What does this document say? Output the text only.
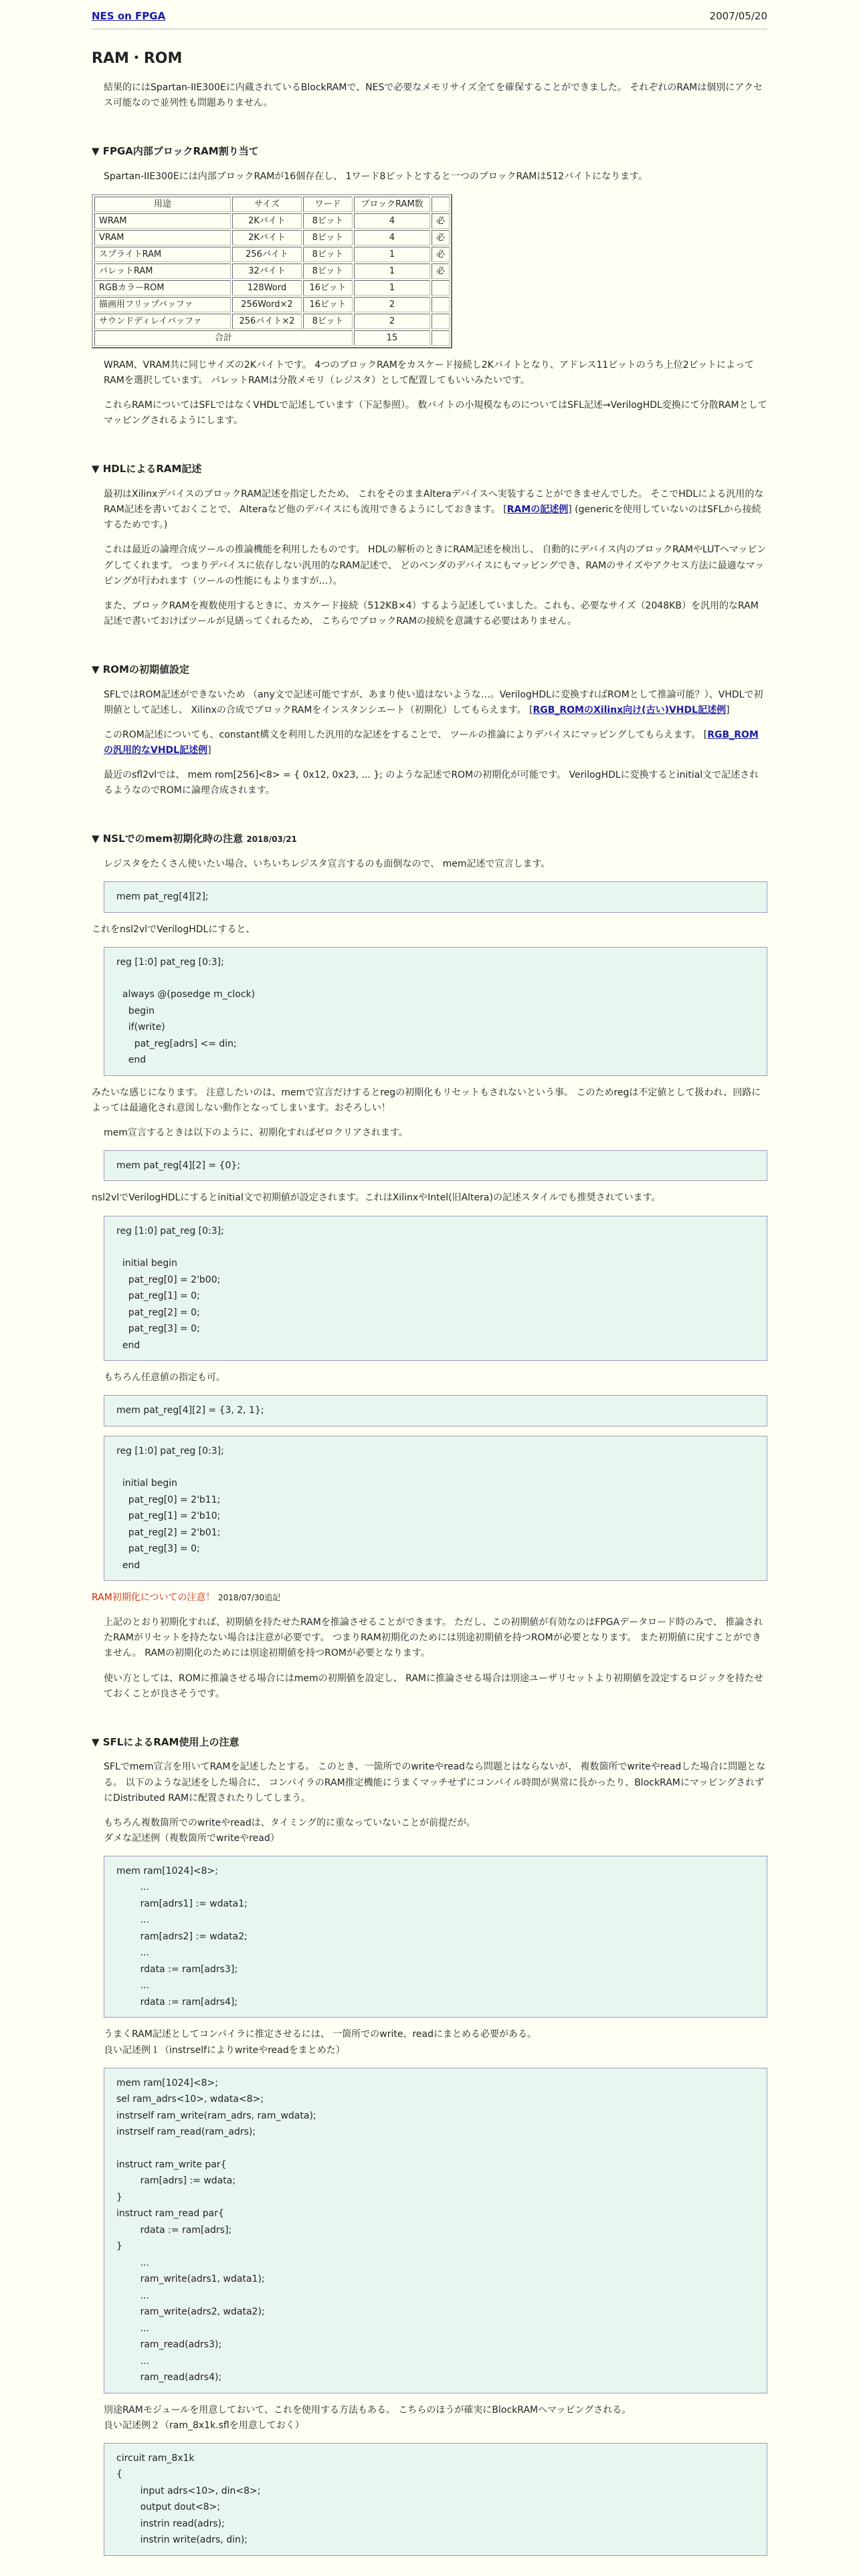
NES on FPGA	2007/05/20
RAM・ROM

結果的にはSpartan-IIE300Eに内蔵されているBlockRAMで、NESで必要なメモリサイズ全てを確保することができました。 それぞれのRAMは個別にアクセス可能なので並列性も問題ありません。

▼ FPGA内部ブロックRAM割り当て

Spartan-IIE300Eには内部ブロックRAMが16個存在し、 1ワード8ビットとすると一つのブロックRAMは512バイトになります。

用途	サイズ	ワード	ブロックRAM数	
WRAM	2Kバイト	8ビット	4	必
VRAM	2Kバイト	8ビット	4	必
スプライトRAM	256バイト	8ビット	1	必
パレットRAM	32バイト	8ビット	1	必
RGBカラーROM	128Word	16ビット	1	
描画用フリップバッファ	256Word×2	16ビット	2	
サウンドディレイバッファ	256バイト×2	8ビット	2	
合計			15	

WRAM、VRAM共に同じサイズの2Kバイトです。 4つのブロックRAMをカスケード接続し2Kバイトとなり、アドレス11ビットのうち上位2ビットによってRAMを選択しています。 パレットRAMは分散メモリ（レジスタ）として配置してもいいみたいです。

これらRAMについてはSFLではなくVHDLで記述しています（下記参照）。 数バイトの小規模なものについてはSFL記述→VerilogHDL変換にて分散RAMとしてマッピングされるようにします。

▼ HDLによるRAM記述

最初はXilinxデバイスのブロックRAM記述を指定したため、 これをそのままAlteraデバイスへ実装することができませんでした。 そこでHDLによる汎用的なRAM記述を書いておくことで、 Alteraなど他のデバイスにも流用できるようにしておきます。 [RAMの記述例] (genericを使用していないのはSFLから接続するためです。)

これは最近の論理合成ツールの推論機能を利用したものです。 HDLの解析のときにRAM記述を検出し、 自動的にデバイス内のブロックRAMやLUTへマッピングしてくれます。 つまりデバイスに依存しない汎用的なRAM記述で、 どのベンダのデバイスにもマッピングでき、RAMのサイズやアクセス方法に最適なマッピングが行われます（ツールの性能にもよりますが…）。

また、ブロックRAMを複数使用するときに、カスケード接続（512KB×4）するよう記述していました。これも、必要なサイズ（2048KB）を汎用的なRAM記述で書いておけばツールが見繕ってくれるため、 こちらでブロックRAMの接続を意識する必要はありません。

▼ ROMの初期値設定

SFLではROM記述ができないため （any文で記述可能ですが、あまり使い道はないような…。VerilogHDLに変換すればROMとして推論可能？）、VHDLで初期値として記述し、 Xilinxの合成でブロックRAMをインスタンシエート（初期化）してもらえます。 [RGB_ROMのXilinx向け(古い)VHDL記述例]

このROM記述についても、constant構文を利用した汎用的な記述をすることで、 ツールの推論によりデバイスにマッピングしてもらえます。 [RGB_ROMの汎用的なVHDL記述例]

最近のsfl2vlでは、 mem rom[256]<8> = { 0x12, 0x23, ... }; のような記述でROMの初期化が可能です。 VerilogHDLに変換するとinitial文で記述されるようなのでROMに論理合成されます。

▼ NSLでのmem初期化時の注意 2018/03/21

レジスタをたくさん使いたい場合、いちいちレジスタ宣言するのも面倒なので、 mem記述で宣言します。

mem pat_reg[4][2];

これをnsl2vlでVerilogHDLにすると、

reg [1:0] pat_reg [0:3];
always @(posedge m_clock)
begin
if(write)
pat_reg[adrs] <= din;
end

みたいな感じになります。 注意したいのは、memで宣言だけするとregの初期化もリセットもされないという事。 このためregは不定値として扱われ、回路によっては最適化され意図しない動作となってしまいます。おそろしい！

mem宣言するときは以下のように、初期化すればゼロクリアされます。

mem pat_reg[4][2] = {0};

nsl2vlでVerilogHDLにするとinitial文で初期値が設定されます。これはXilinxやIntel(旧Altera)の記述スタイルでも推奨されています。

reg [1:0] pat_reg [0:3];
initial begin
pat_reg[0] = 2'b00;
pat_reg[1] = 0;
pat_reg[2] = 0;
pat_reg[3] = 0;
end

もちろん任意値の指定も可。

mem pat_reg[4][2] = {3, 2, 1};
reg [1:0] pat_reg [0:3];
initial begin
pat_reg[0] = 2'b11;
pat_reg[1] = 2'b10;
pat_reg[2] = 2'b01;
pat_reg[3] = 0;
end

RAM初期化についての注意！ 2018/07/30追記

上記のとおり初期化すれば、初期値を持たせたRAMを推論させることができます。 ただし、この初期値が有効なのはFPGAデータロード時のみで、 推論されたRAMがリセットを持たない場合は注意が必要です。 つまりRAM初期化のためには別途初期値を持つROMが必要となります。 また初期値に戻すことができません。 RAMの初期化のためには別途初期値を持つROMが必要となります。

使い方としては、ROMに推論させる場合にはmemの初期値を設定し、 RAMに推論させる場合は別途ユーザリセットより初期値を設定するロジックを持たせておくことが良さそうです。

▼ SFLによるRAM使用上の注意

SFLでmem宣言を用いてRAMを記述したとする。 このとき、一箇所でのwriteやreadなら問題とはならないが、 複数箇所でwriteやreadした場合に問題となる。 以下のような記述をした場合に、 コンパイラのRAM推定機能にうまくマッチせずにコンパイル時間が異常に長かったり、BlockRAMにマッピングされずにDistributed RAMに配置されたりしてしまう。

もちろん複数箇所でのwriteやreadは、タイミング的に重なっていないことが前提だが。
ダメな記述例（複数箇所でwriteやread）

mem ram[1024]<8>;
...
ram[adrs1] := wdata1;
...
ram[adrs2] := wdata2;
...
rdata := ram[adrs3];
...
rdata := ram[adrs4];

うまくRAM記述としてコンパイラに推定させるには、 一箇所でのwrite、readにまとめる必要がある。
良い記述例１（instrselfによりwriteやreadをまとめた）

mem ram[1024]<8>;
sel ram_adrs<10>, wdata<8>;
instrself ram_write(ram_adrs, ram_wdata);
instrself ram_read(ram_adrs);
instruct ram_write par{
ram[adrs] := wdata;
}
instruct ram_read par{
rdata := ram[adrs];
}
...
ram_write(adrs1, wdata1);
...
ram_write(adrs2, wdata2);
...
ram_read(adrs3);
...
ram_read(adrs4);

別途RAMモジュールを用意しておいて、これを使用する方法もある。 こちらのほうが確実にBlockRAMへマッピングされる。
良い記述例２（ram_8x1k.sflを用意しておく）

circuit ram_8x1k
{
input adrs<10>, din<8>;
output dout<8>;
instrin read(adrs);
instrin write(adrs, din);
